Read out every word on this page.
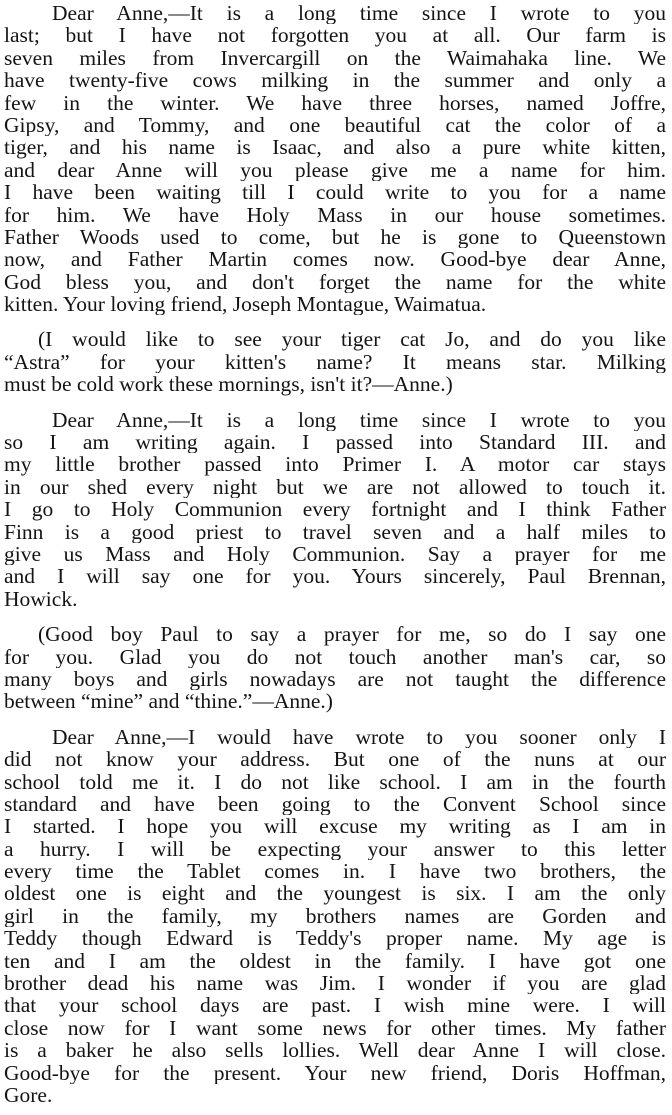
Dear Anne,—It is a long time since I wrote to you
last; but I have not forgotten you at all. Our farm is
seven miles from Invercargill on the Waimahaka line. We
have twenty-five cows milking in the summer and only a
few in the winter. We have three horses, named Joffre,
Gipsy, and Tommy, and one beautiful cat the color of a
tiger, and his name is Isaac, and also a pure white kitten,
and dear Anne will you please give me a name for him.
I have been waiting till I could write to you for a name
for him. We have Holy Mass in our house sometimes.
Father Woods used to come, but he is gone to Queenstown
now, and Father Martin comes now. Good-bye dear Anne,
God bless you, and don't forget the name for the white
kitten. Your loving friend, Joseph Montague, Waimatua.
(I would like to see your tiger cat Jo, and do you like
“Astra” for your kitten's name? It means star. Milking
must be cold work these mornings, isn't it?—Anne.)
Dear Anne,—It is a long time since I wrote to you
so I am writing again. I passed into Standard III. and
my little brother passed into Primer I. A motor car stays
in our shed every night but we are not allowed to touch it.
I go to Holy Communion every fortnight and I think Father
Finn is a good priest to travel seven and a half miles to
give us Mass and Holy Communion. Say a prayer for me
and I will say one for you. Yours sincerely, Paul Brennan,
Howick.
(Good boy Paul to say a prayer for me, so do I say one
for you. Glad you do not touch another man's car, so
many boys and girls nowadays are not taught the difference
between “mine” and “thine.”—Anne.)
Dear Anne,—I would have wrote to you sooner only I
did not know your address. But one of the nuns at our
school told me it. I do not like school. I am in the fourth
standard and have been going to the Convent School since
I started. I hope you will excuse my writing as I am in
a hurry. I will be expecting your answer to this letter
every time the Tablet comes in. I have two brothers, the
oldest one is eight and the youngest is six. I am the only
girl in the family, my brothers names are Gorden and
Teddy though Edward is Teddy's proper name. My age is
ten and I am the oldest in the family. I have got one
brother dead his name was Jim. I wonder if you are glad
that your school days are past. I wish mine were. I will
close now for I want some news for other times. My father
is a baker he also sells lollies. Well dear Anne I will close.
Good-bye for the present. Your new friend, Doris Hoffman,
Gore.
